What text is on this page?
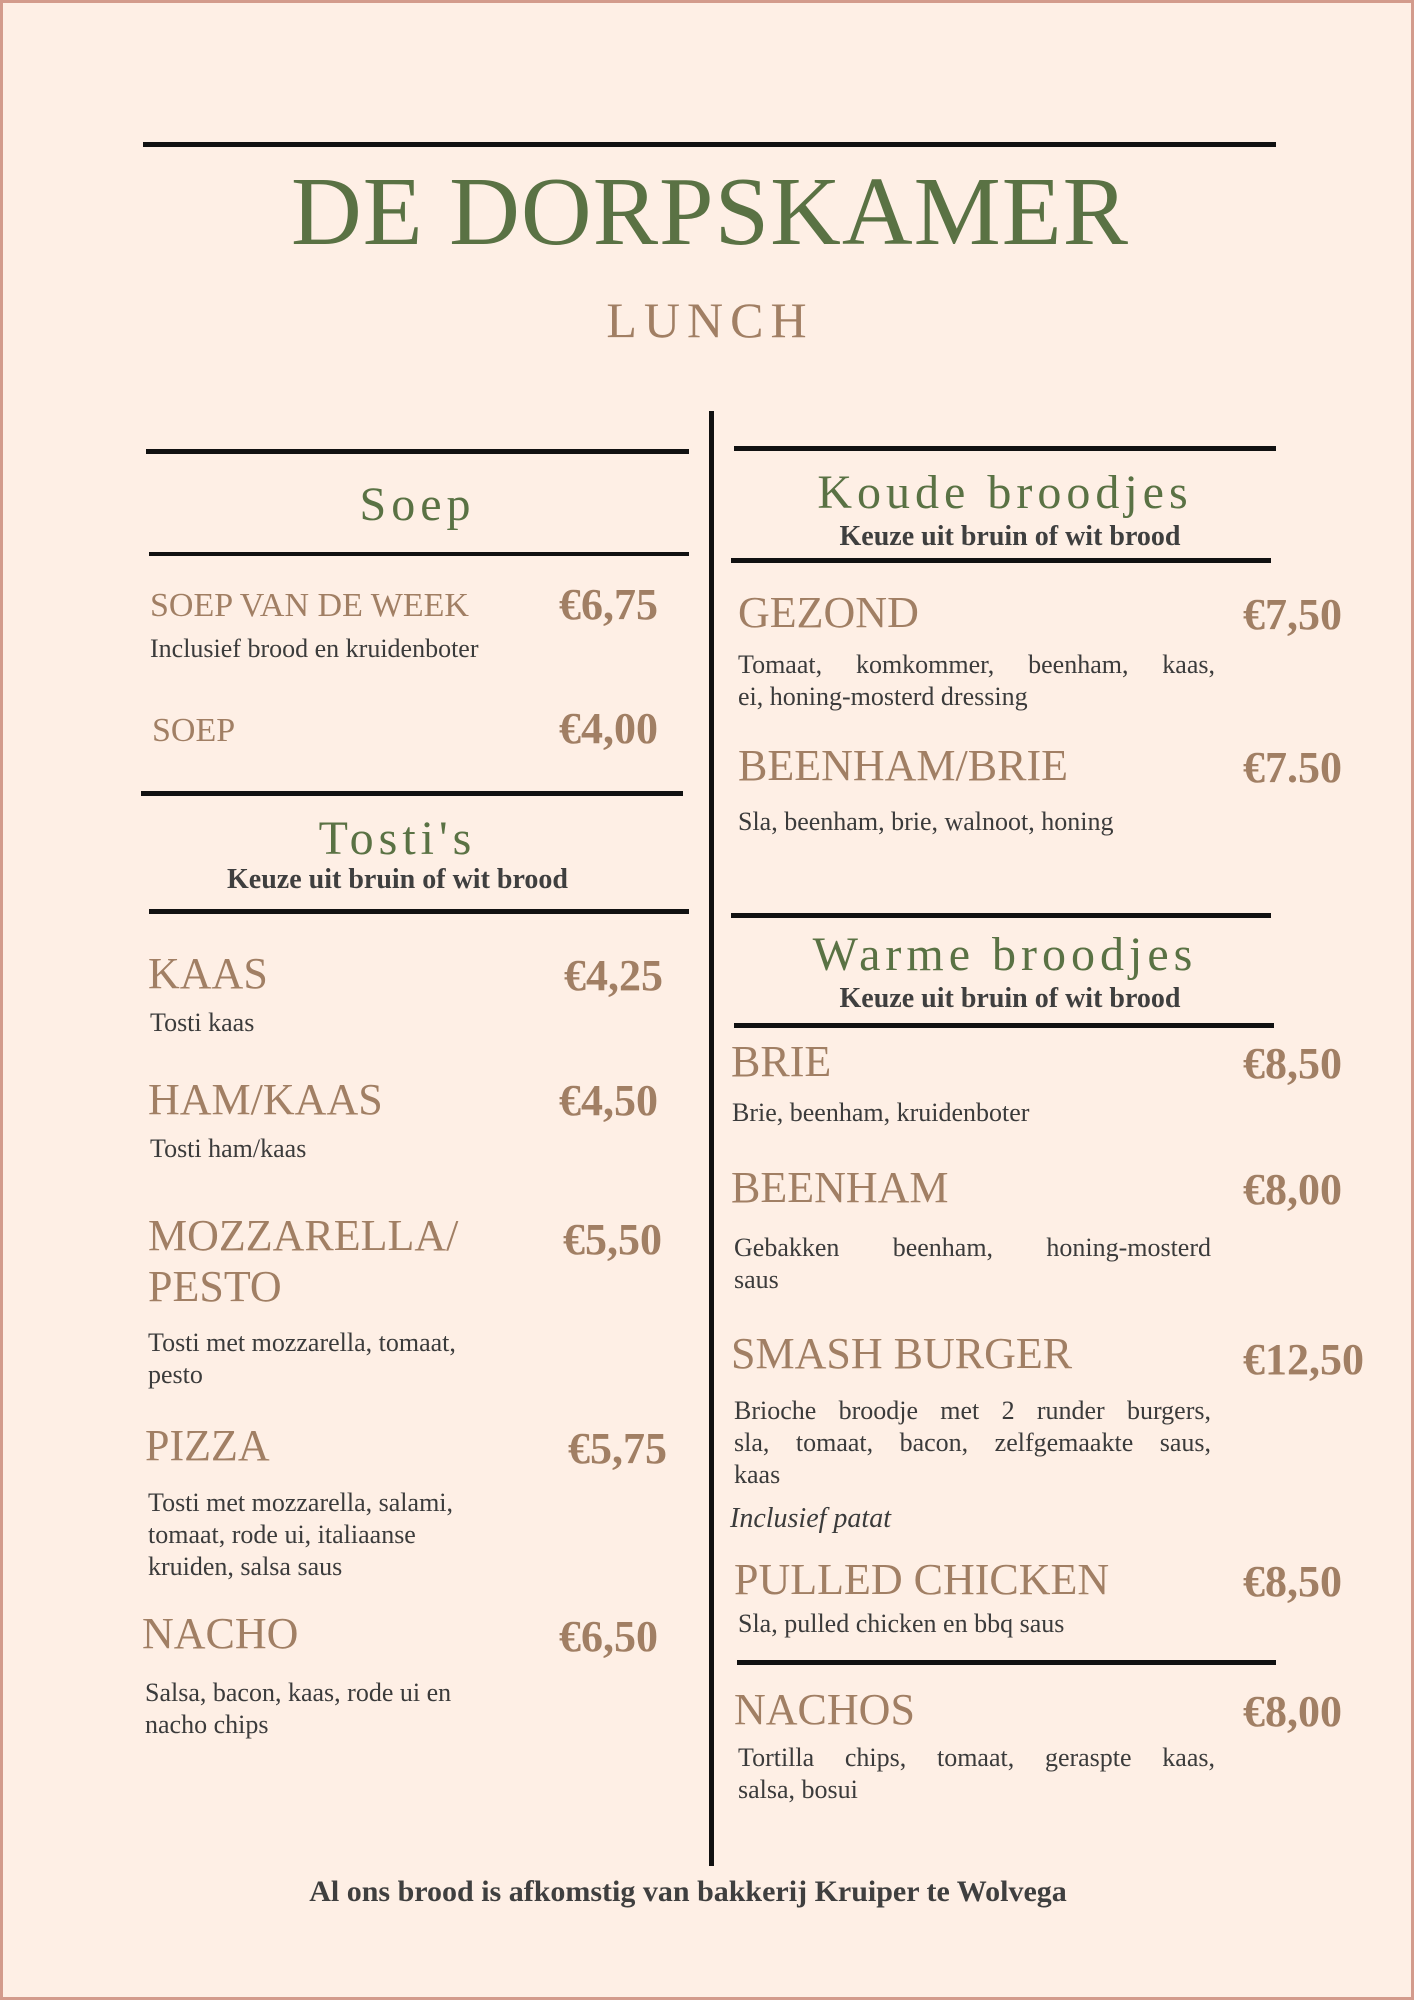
DE DORPSKAMER
LUNCH
Soep
SOEP VAN DE WEEK €6,75
Inclusief brood en kruidenboter
SOEP	€4,00
Tosti's
Keuze uit bruin of wit brood
KAAS	€4,25
Tosti kaas
HAM/KAAS	€4,50
Tosti ham/kaas
MOZZARELLA/
PESTO
€5,50
Tosti met mozzarella, tomaat,
pesto
PIZZA	€5,75
Tosti met mozzarella, salami,
tomaat, rode ui, italiaanse
kruiden, salsa saus
NACHO	€6,50
Salsa, bacon, kaas, rode ui en
nacho chips
Koude broodjes
Keuze uit bruin of wit brood
GEZOND	€7,50
Tomaat, komkommer, beenham, kaas,
ei, honing-mosterd dressing
BEENHAM/BRIE	€7.50
Sla, beenham, brie, walnoot, honing
Warme broodjes
Keuze uit bruin of wit brood
BRIE	€8,50
Brie, beenham, kruidenboter
BEENHAM	€8,00
Gebakken beenham, honing-mosterd
saus
SMASH BURGER	€12,50
Brioche broodje met 2 runder burgers,
sla, tomaat, bacon, zelfgemaakte saus,
kaas
Inclusief patat
PULLED CHICKEN	€8,50
Sla, pulled chicken en bbq saus
NACHOS	€8,00
Tortilla chips, tomaat, geraspte kaas,
salsa, bosui
Al ons brood is afkomstig van bakkerij Kruiper te Wolvega
